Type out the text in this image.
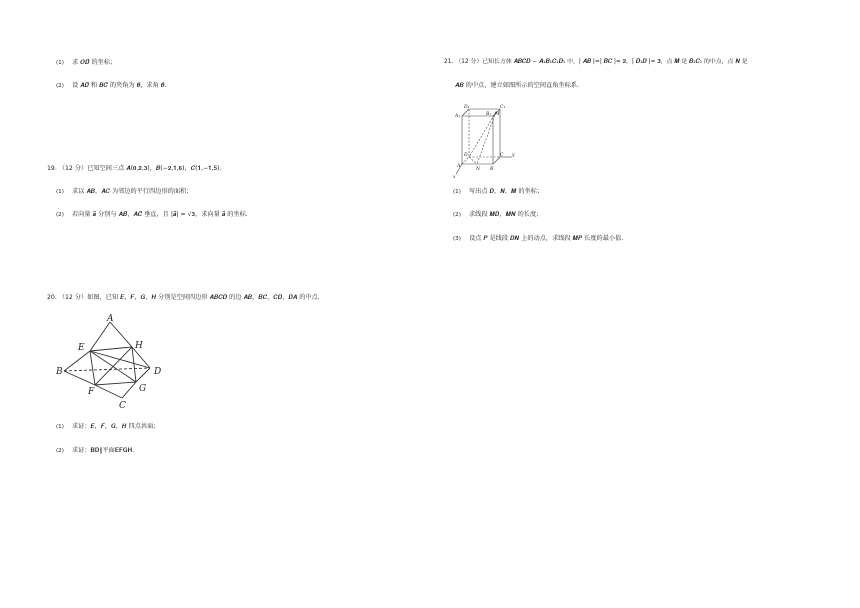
(1) 求 𝑶𝑫⃗ 的坐标；
(2) 设 𝑨𝑫⃗ 和 𝑩𝑪⃗ 的夹角为 𝜽，求角 𝜽.
19. （12 分）已知空间三点 𝑨(𝟎,𝟐,𝟑)，𝑩(−𝟐,𝟏,𝟔)，𝑪(𝟏,−𝟏,𝟓).
(1) 求以 𝑨𝑩，𝑨𝑪 为邻边的平行四边形的面积；
(2) 若向量 𝒂⃗ 分别与 𝑨𝑩⃗，𝑨𝑪⃗ 垂直，且 |𝒂⃗| = √𝟑，求向量 𝒂⃗ 的坐标.
20. （12 分）如图，已知 𝑬，𝑭，𝑮，𝑯 分别是空间四边形 𝑨𝑩𝑪𝑫 的边 𝑨𝑩，𝑩𝑪，𝑪𝑫，𝑫𝑨 的中点.
A
B
C
D
E
F	G
H
(1) 求证：𝑬，𝑭，𝑮，𝑯 四点共面；
(2) 求证：𝐁𝐃∥平面𝐄𝐅𝐆𝐇.
21. （12 分）已知长方体 𝑨𝑩𝑪𝑫 − 𝑨₁𝑩₁𝑪₁𝑫₁ 中，| 𝑨𝑩 |=| 𝑩𝑪 |= 𝟐，| 𝑫₁𝑫 |= 𝟑，点 𝑴 是 𝑩₁𝑪₁ 的中点，点 𝑵 是
𝑨𝑩 的中点，建立如图所示的空间直角坐标系.
D₁	C₁
A₁	B₁ M
D	C
A
N B
y
x
(1) 写出点 𝑫，𝑵，𝑴 的坐标；
(2) 求线段 𝑴𝑫，𝑴𝑵 的长度；
(3) 设点 𝑷 是线段 𝑫𝑵 上的动点，求线段 𝑴𝑷 长度的最小值.
